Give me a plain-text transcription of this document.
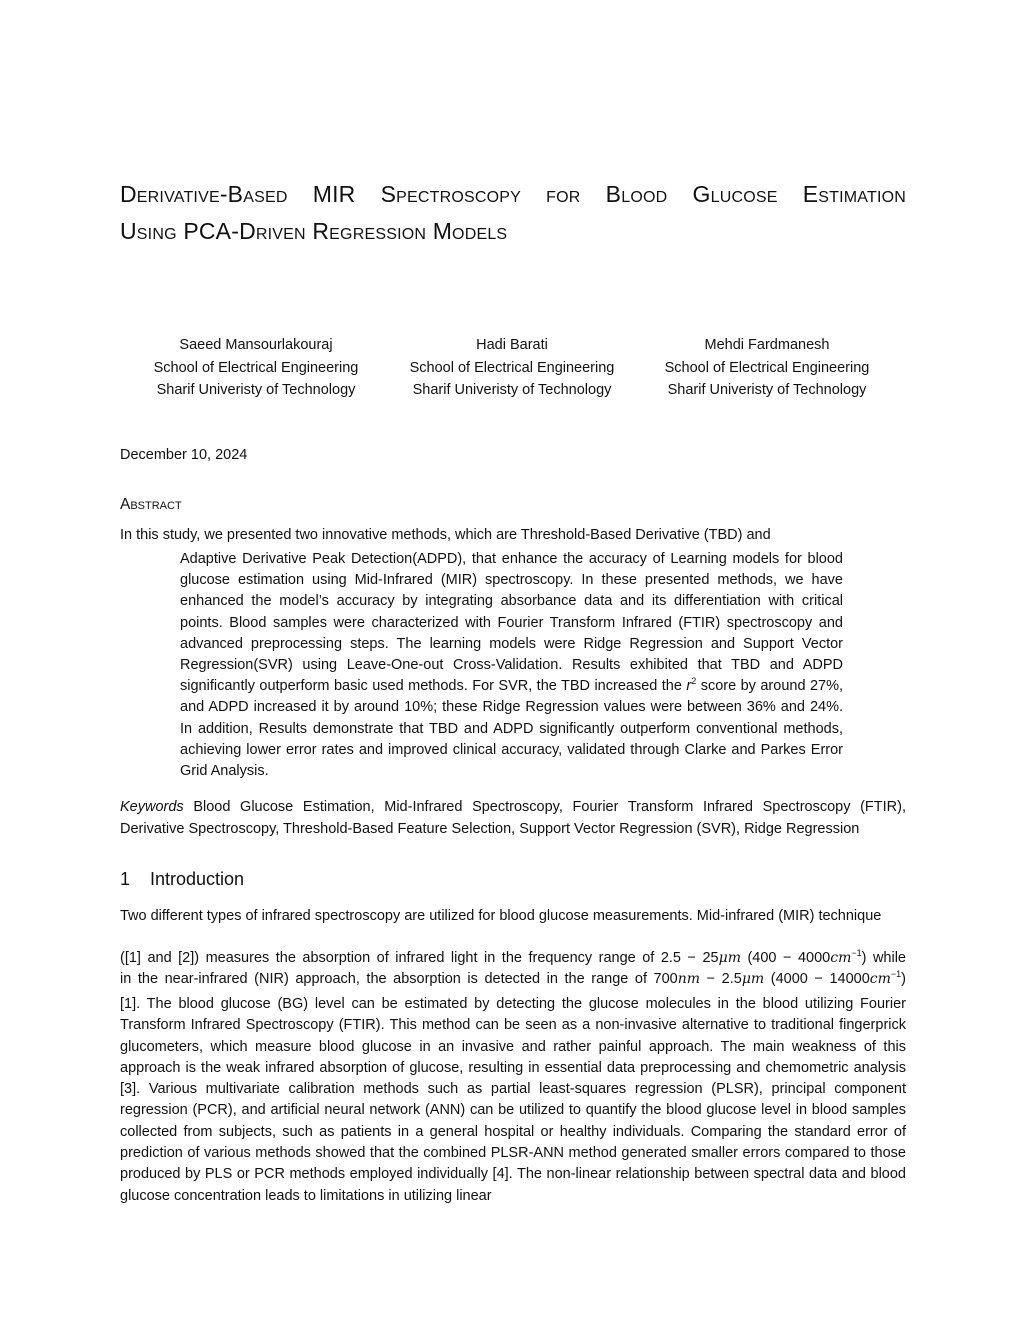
Derivative-Based MIR Spectroscopy for Blood Glucose Estimation
Using PCA-Driven Regression Models
Saeed Mansourlakouraj
School of Electrical Engineering
Sharif Univeristy of Technology
Hadi Barati
School of Electrical Engineering
Sharif Univeristy of Technology
Mehdi Fardmanesh
School of Electrical Engineering
Sharif Univeristy of Technology
December 10, 2024
Abstract
In this study, we presented two innovative methods, which are Threshold-Based Derivative (TBD) and

Adaptive Derivative Peak Detection(ADPD), that enhance the accuracy of Learning models for blood glucose estimation using Mid-Infrared (MIR) spectroscopy. In these presented methods, we have enhanced the model’s accuracy by integrating absorbance data and its differentiation with critical points. Blood samples were characterized with Fourier Transform Infrared (FTIR) spectroscopy and advanced preprocessing steps. The learning models were Ridge Regression and Support Vector Regression(SVR) using Leave-One-out Cross-Validation. Results exhibited that TBD and ADPD significantly outperform basic used methods. For SVR, the TBD increased the $r^2$ score by around 27%, and ADPD increased it by around 10%; these Ridge Regression values were between 36% and 24%. In addition, Results demonstrate that TBD and ADPD significantly outperform conventional methods, achieving lower error rates and improved clinical accuracy, validated through Clarke and Parkes Error Grid Analysis.

Keywords Blood Glucose Estimation, Mid-Infrared Spectroscopy, Fourier Transform Infrared Spectroscopy (FTIR), Derivative Spectroscopy, Threshold-Based Feature Selection, Support Vector Regression (SVR), Ridge Regression

1 Introduction

Two different types of infrared spectroscopy are utilized for blood glucose measurements. Mid-infrared (MIR) technique

([1] and [2]) measures the absorption of infrared light in the frequency range of 2.5 − 25μm $(400 - 4000cm^{-1})$ while
in the near-infrared (NIR) approach, the absorption is detected in the range of 700nm − 2.5μm $(4000 - 14000cm^{-1})$

[1]. The blood glucose (BG) level can be estimated by detecting the glucose molecules in the blood utilizing Fourier Transform Infrared Spectroscopy (FTIR). This method can be seen as a non-invasive alternative to traditional fingerprick glucometers, which measure blood glucose in an invasive and rather painful approach. The main weakness of this approach is the weak infrared absorption of glucose, resulting in essential data preprocessing and chemometric analysis [3]. Various multivariate calibration methods such as partial least-squares regression (PLSR), principal component regression (PCR), and artificial neural network (ANN) can be utilized to quantify the blood glucose level in blood samples collected from subjects, such as patients in a general hospital or healthy individuals. Comparing the standard error of prediction of various methods showed that the combined PLSR-ANN method generated smaller errors compared to those produced by PLS or PCR methods employed individually [4]. The non-linear relationship between spectral data and blood glucose concentration leads to limitations in utilizing linear
